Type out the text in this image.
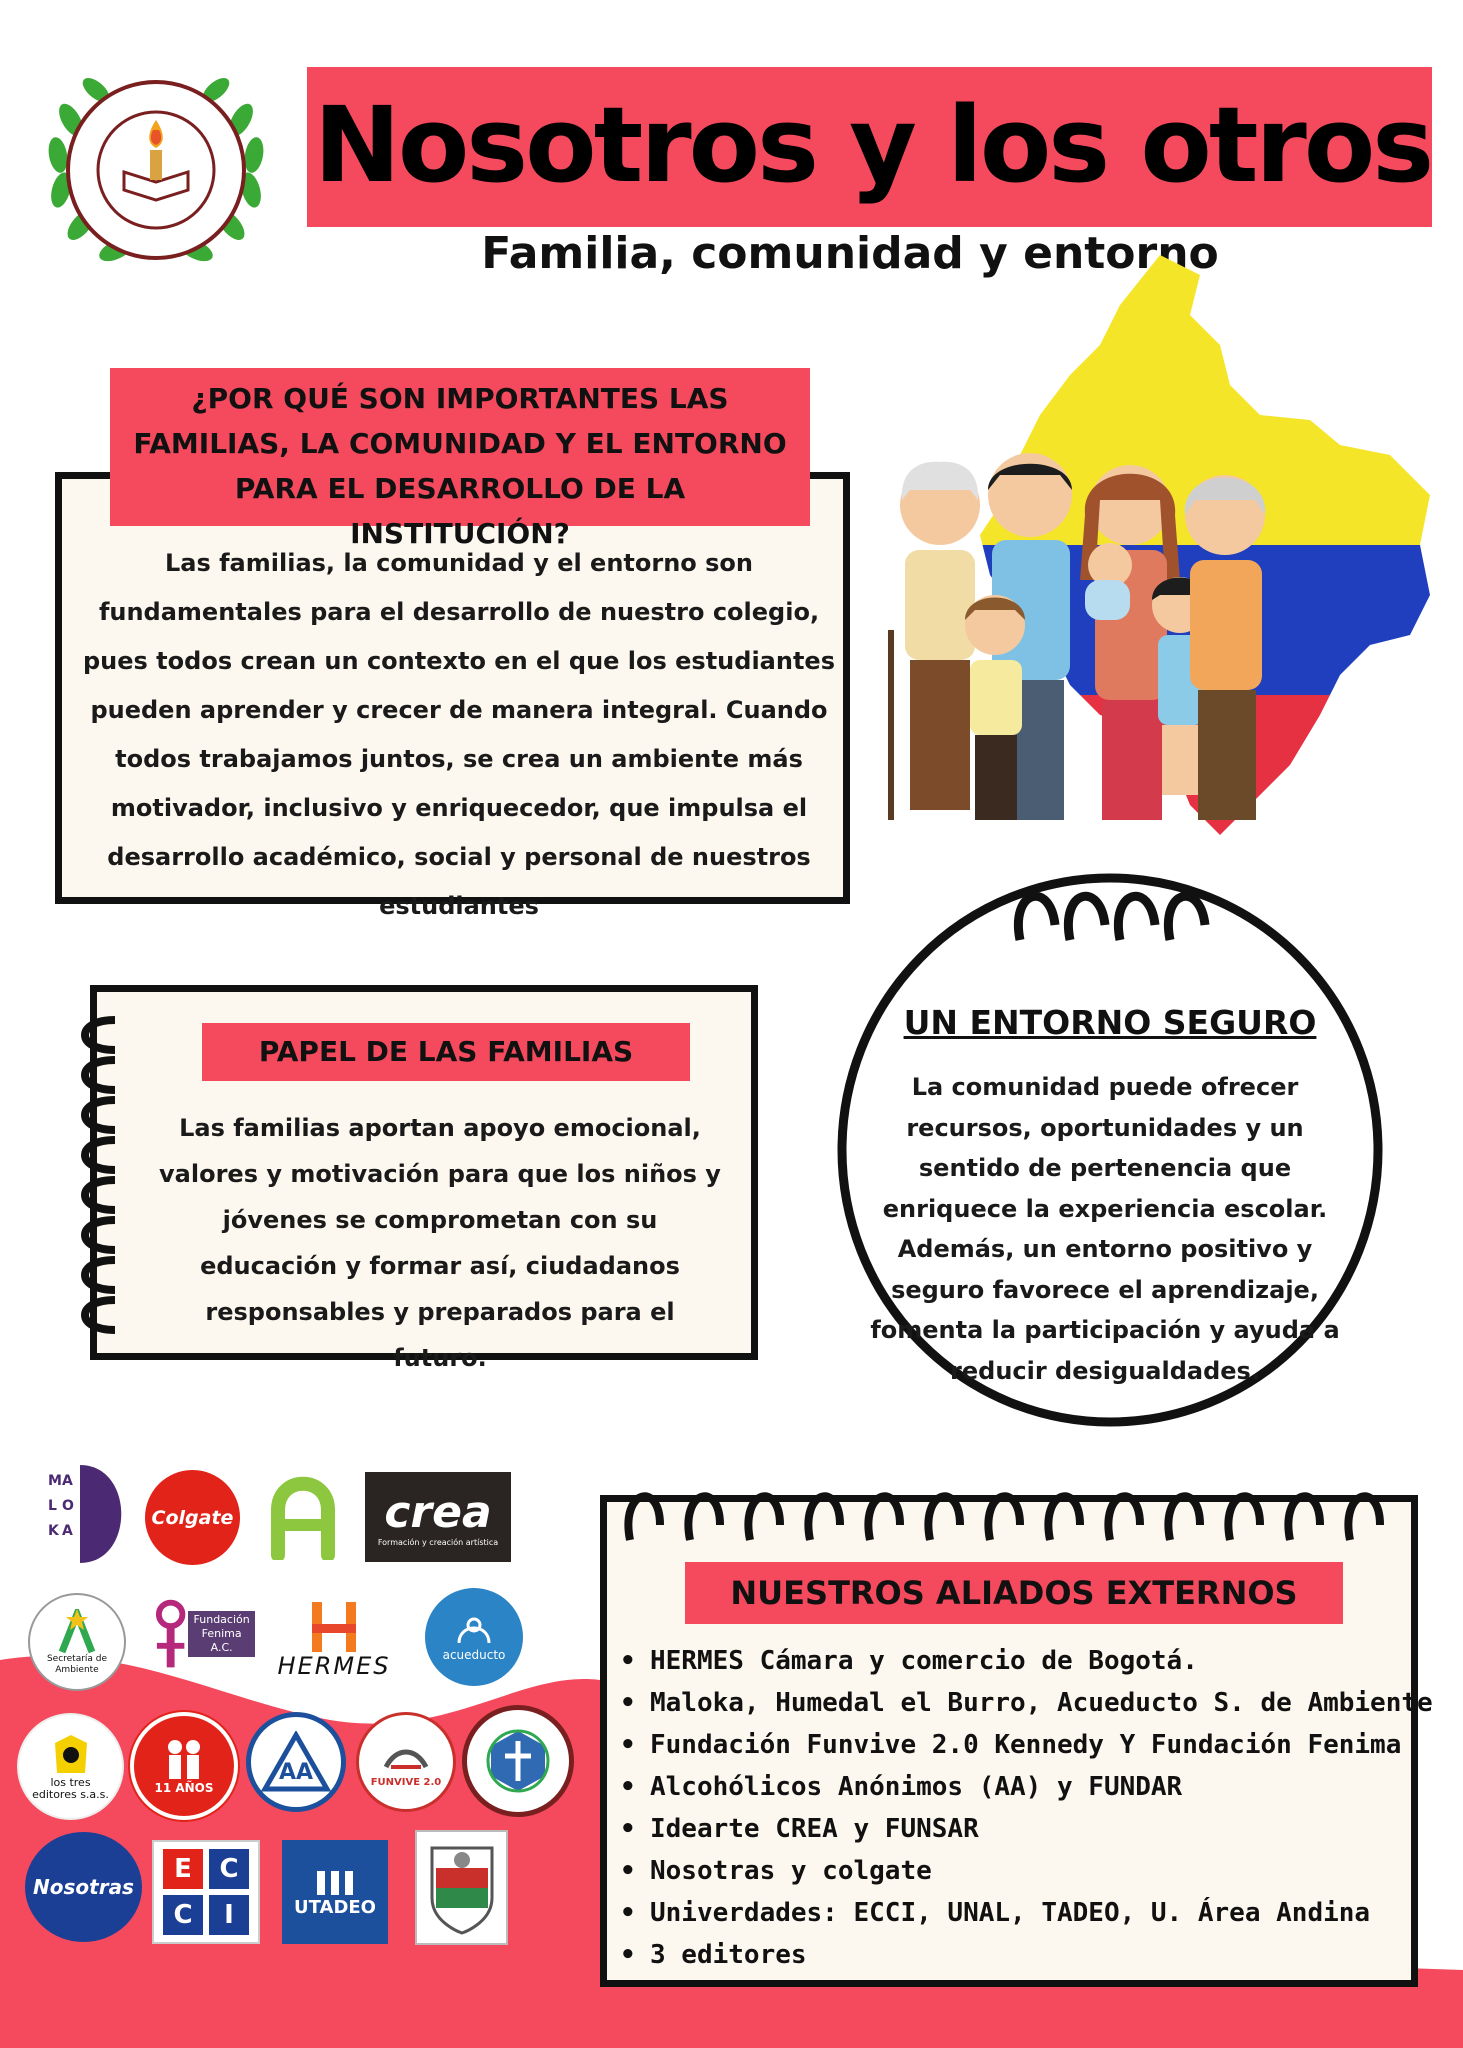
Nosotros y los otros
Familia, comunidad y entorno
Las familias, la comunidad y el entorno son fundamentales para el desarrollo de nuestro colegio, pues todos crean un contexto en el que los estudiantes pueden aprender y crecer de manera integral. Cuando todos trabajamos juntos, se crea un ambiente más motivador, inclusivo y enriquecedor, que impulsa el desarrollo académico, social y personal de nuestros estudiantes
¿POR QUÉ SON IMPORTANTES LAS FAMILIAS, LA COMUNIDAD Y EL ENTORNO PARA EL DESARROLLO DE LA INSTITUCIÓN?
PAPEL DE LAS FAMILIAS
Las familias aportan apoyo emocional, valores y motivación para que los niños y jóvenes se comprometan con su educación y formar así, ciudadanos responsables y preparados para el futuro.
UN ENTORNO SEGURO
La comunidad puede ofrecer recursos, oportunidades y un sentido de pertenencia que enriquece la experiencia escolar. Además, un entorno positivo y seguro favorece el aprendizaje, fomenta la participación y ayuda a reducir desigualdades.
NUESTROS ALIADOS EXTERNOS
• HERMES Cámara y comercio de Bogotá.
• Maloka, Humedal el Burro, Acueducto S. de Ambiente
• Fundación Funvive 2.0 Kennedy Y Fundación Fenima
• Alcohólicos Anónimos (AA) y FUNDAR
• Idearte CREA y FUNSAR
• Nosotras y colgate
• Univerdades: ECCI, UNAL, TADEO, U. Área Andina
• 3 editores
M A
L O
K A
Colgate	crea
Formación y creación artística
Secretaría de Ambiente
Fundación Fenima A.C.
HERMES	acueducto
los tres editores s.a.s.	11 AÑOS
AA	FUNVIVE 2.0
Nosotras
E	C
C	I	UTADEO
